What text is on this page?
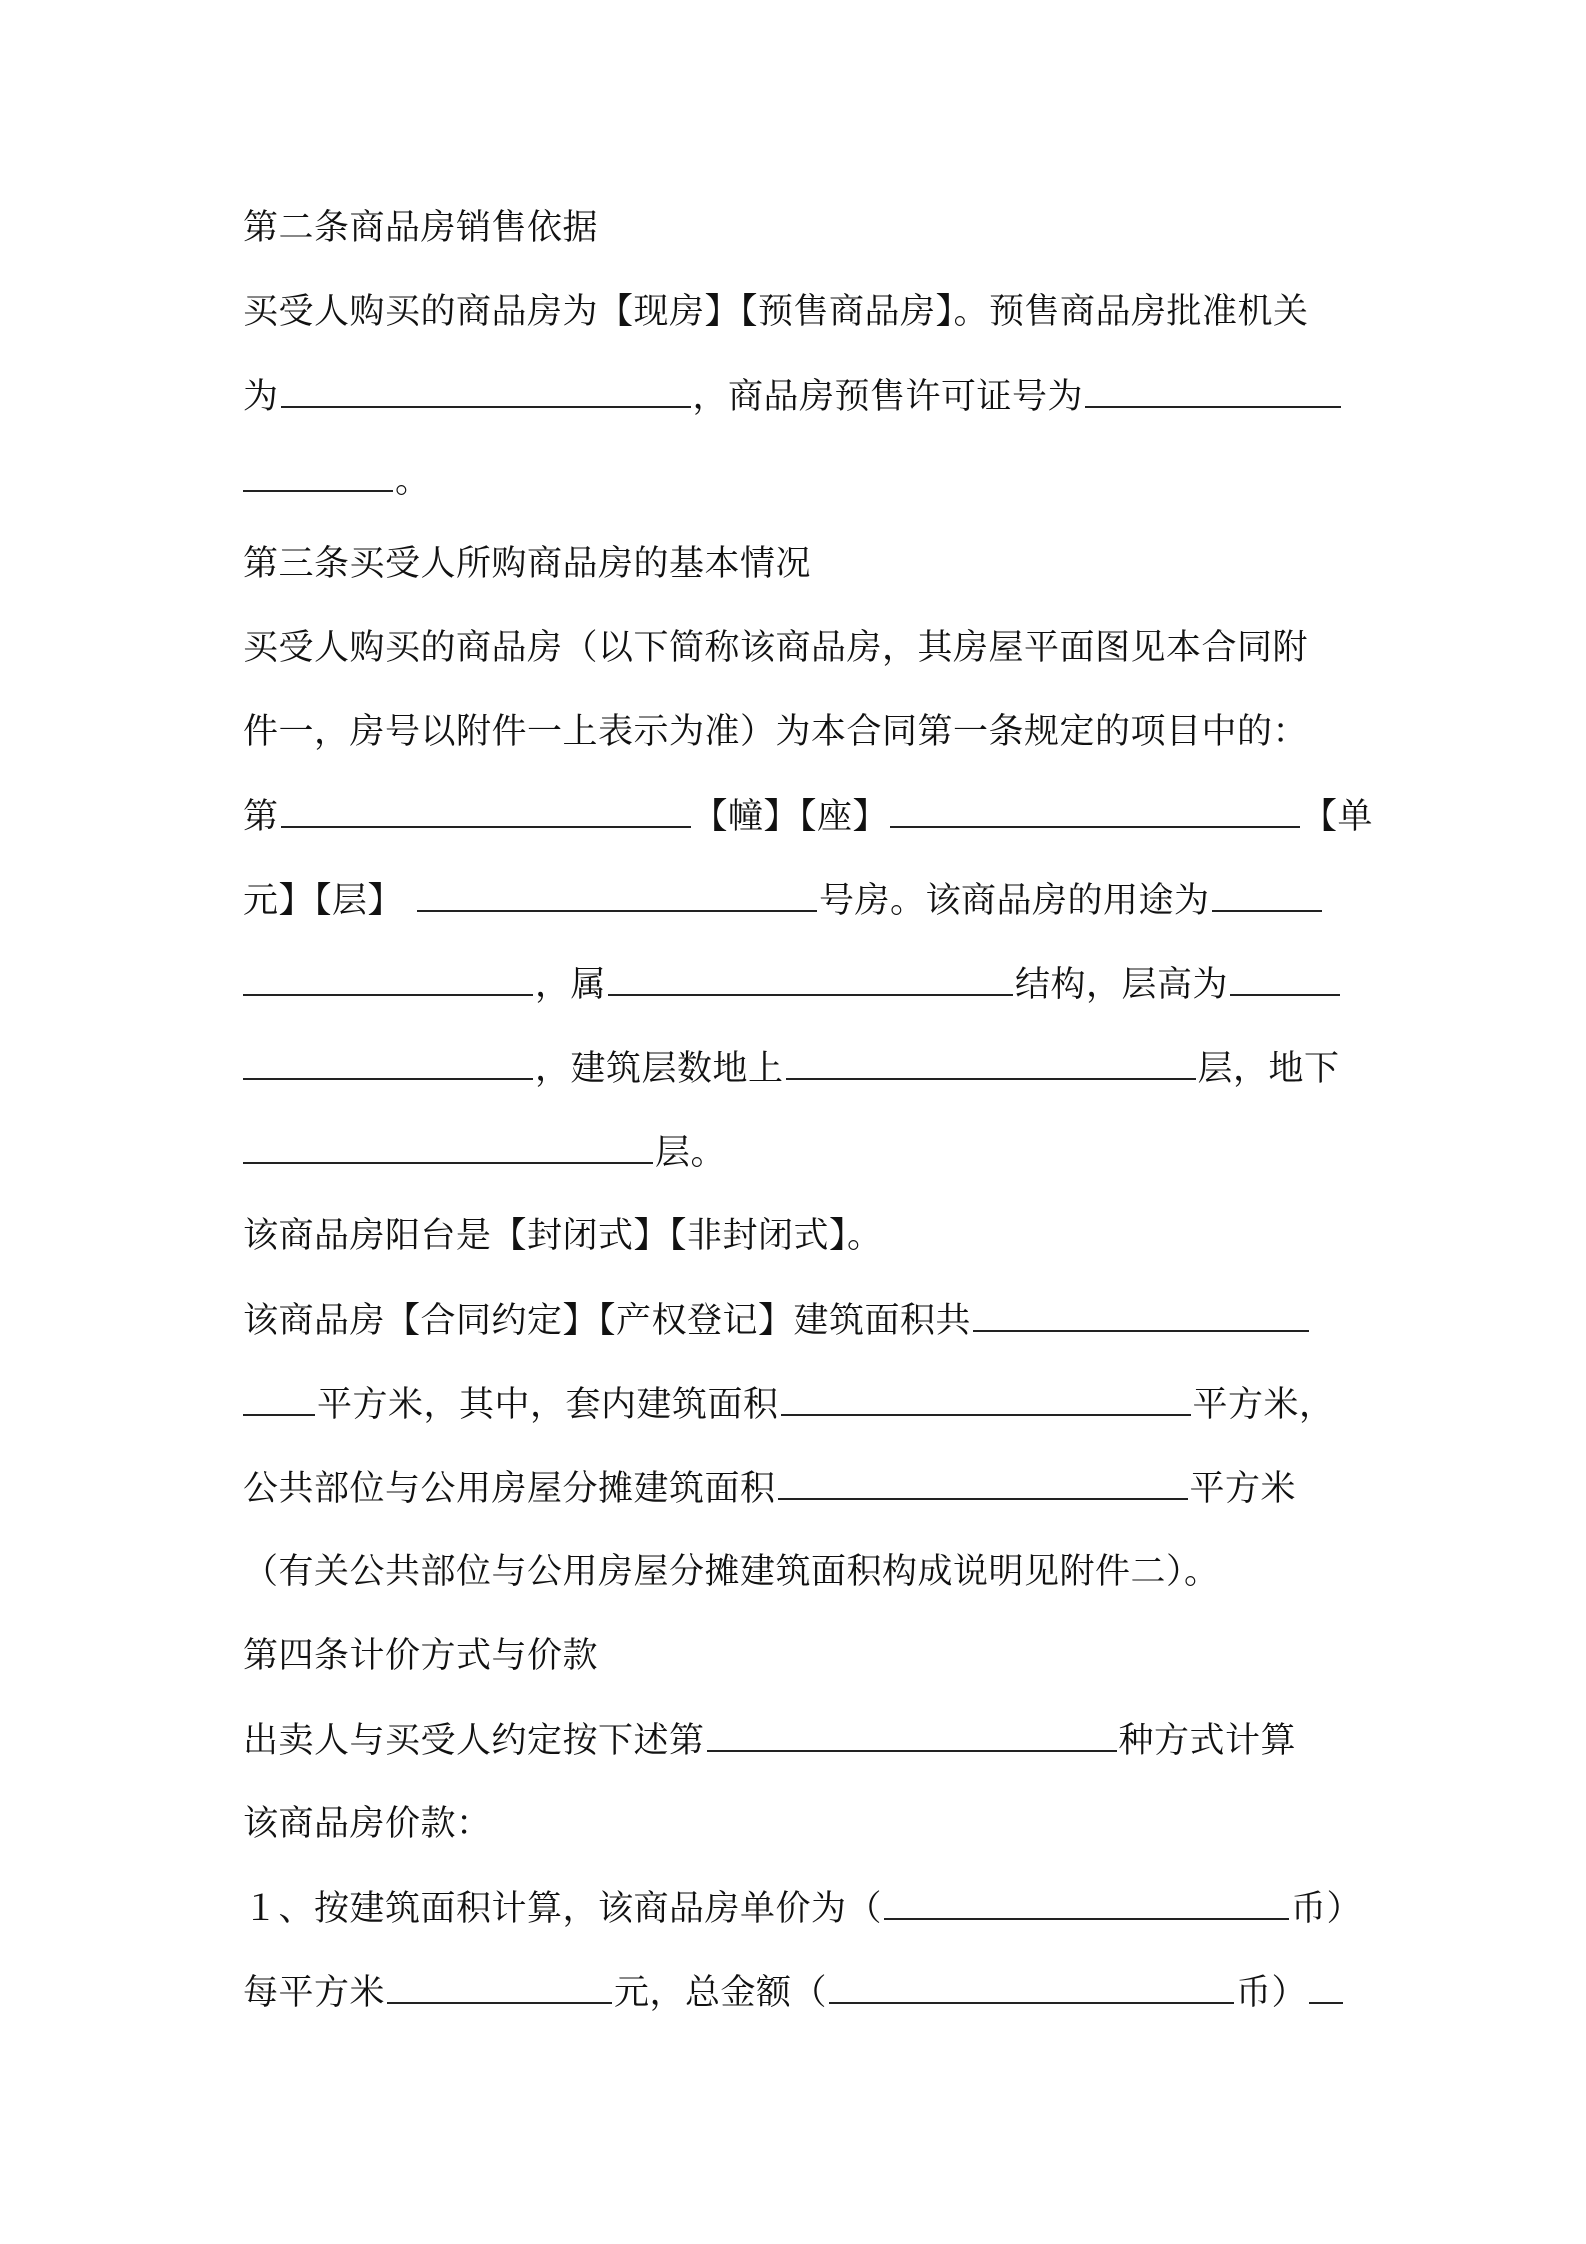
第二条商品房销售依据
买受人购买的商品房为【现房】【预售商品房】。预售商品房批准机关
为	，商品房预售许可证号为
。
第三条买受人所购商品房的基本情况
买受人购买的商品房（以下简称该商品房，其房屋平面图见本合同附
件一，房号以附件一上表示为准）为本合同第一条规定的项目中的：
第	【幢】【座】	【单
元】【层】	号房。该商品房的用途为
，属	结构，层高为
，建筑层数地上	层，地下
层。
该商品房阳台是【封闭式】【非封闭式】。
该商品房【合同约定】【产权登记】建筑面积共
平方米，其中，套内建筑面积	平方米，
公共部位与公用房屋分摊建筑面积	平方米
（有关公共部位与公用房屋分摊建筑面积构成说明见附件二）。
第四条计价方式与价款
出卖人与买受人约定按下述第	种方式计算
该商品房价款：
１、按建筑面积计算，该商品房单价为（	币）
每平方米	元，总金额（	币）
